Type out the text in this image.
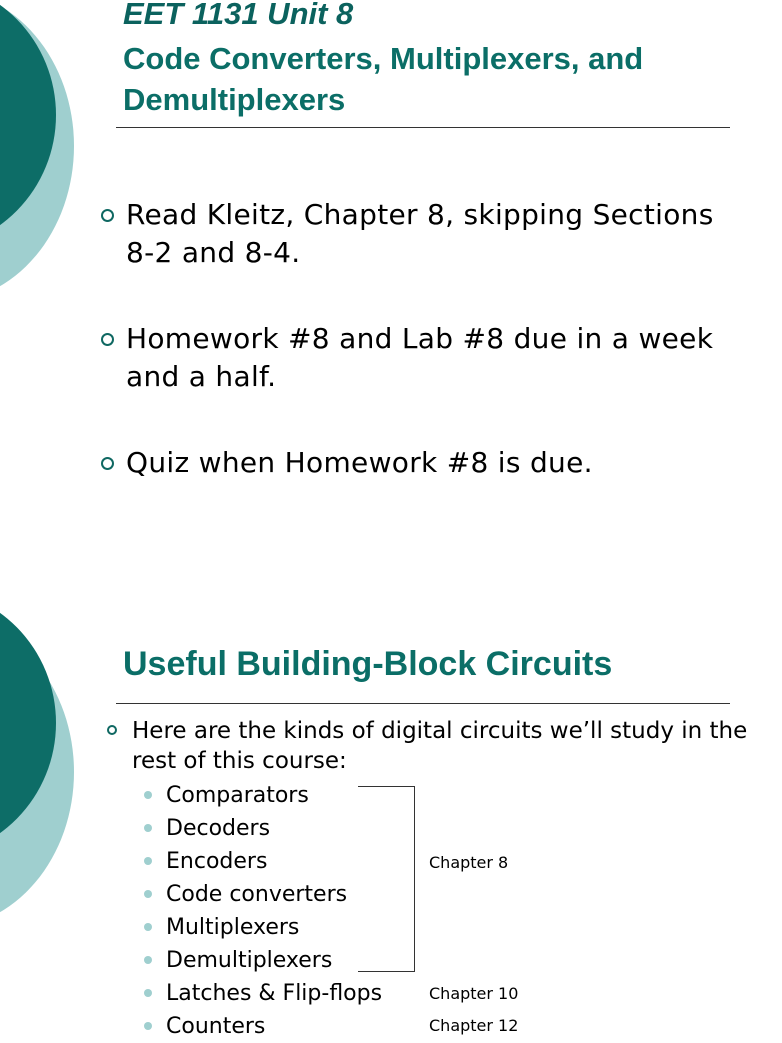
EET 1131 Unit 8
Code Converters, Multiplexers, and Demultiplexers
Read Kleitz, Chapter 8, skipping Sections 8-2 and 8-4.
Homework #8 and Lab #8 due in a week and a half.
Quiz when Homework #8 is due.
Useful Building-Block Circuits

Here are the kinds of digital circuits we’ll study in the rest of this course:

Comparators
Decoders
Encoders
Code converters
Multiplexers
Demultiplexers
Latches & Flip-flops
Counters
Chapter 8
Chapter 10
Chapter 12
